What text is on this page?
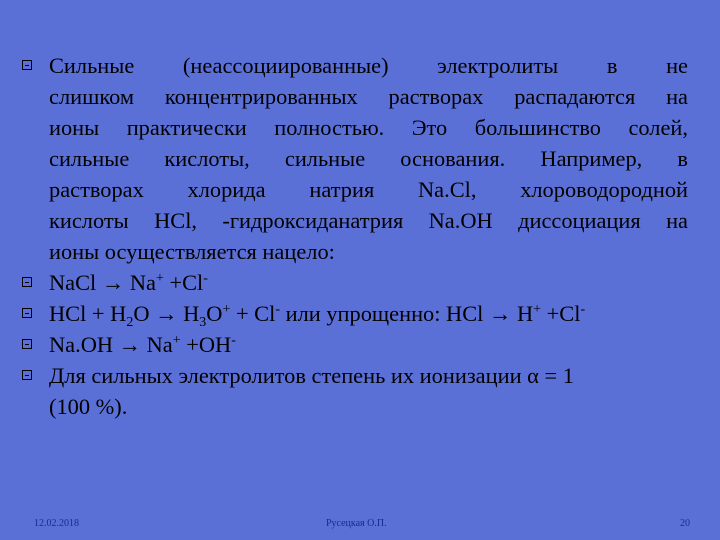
Сильные (неассоциированные) электролиты в не
слишком концентрированных растворах распадаются на
ионы практически полностью. Это большинство солей,
сильные кислоты, сильные основания. Например, в
растворах хлорида натрия Na.Cl, хлороводородной
кислоты HCl, -гидроксиданатрия Na.OH диссоциация на
ионы осуществляется нацело:
NaCl → Na+ +Cl-
HCl + $H_2O \to H_3O^+ + Cl^-$ или упрощенно: HCl → H+ +Cl-
Na.OH → Na+ +OH-
Для сильных электролитов степень их ионизации α = 1
(100 %).
12.02.2018	Русецкая О.П.	20
